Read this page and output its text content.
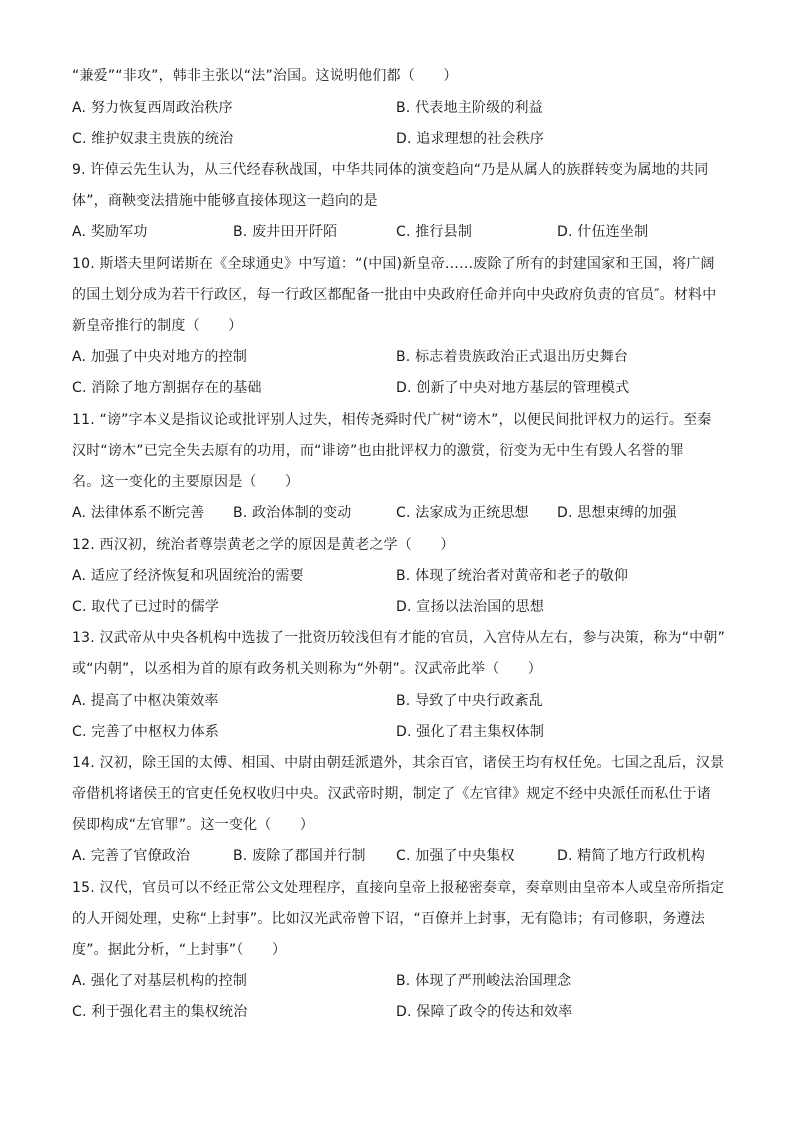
“兼爱”“非攻”，韩非主张以“法”治国。这说明他们都（　　）
A. 努力恢复西周政治秩序	B. 代表地主阶级的利益
C. 维护奴隶主贵族的统治	D. 追求理想的社会秩序
9. 许倬云先生认为，从三代经春秋战国，中华共同体的演变趋向“乃是从属人的族群转变为属地的共同
体”，商鞅变法措施中能够直接体现这一趋向的是
A. 奖励军功	B. 废井田开阡陌	C. 推行县制	D. 什伍连坐制
10. 斯塔夫里阿诺斯在《全球通史》中写道：“(中国)新皇帝……废除了所有的封建国家和王国，将广阔
的国土划分成为若干行政区，每一行政区都配备一批由中央政府任命并向中央政府负责的官员″。材料中
新皇帝推行的制度（　　）
A. 加强了中央对地方的控制	B. 标志着贵族政治正式退出历史舞台
C. 消除了地方割据存在的基础	D. 创新了中央对地方基层的管理模式
11. “谤”字本义是指议论或批评别人过失，相传尧舜时代广树“谤木”，以便民间批评权力的运行。至秦
汉时“谤木”已完全失去原有的功用，而“诽谤”也由批评权力的激赏，衍变为无中生有毁人名誉的罪
名。这一变化的主要原因是（　　）
A. 法律体系不断完善 B. 政治体制的变动	C. 法家成为正统思想 D. 思想束缚的加强
12. 西汉初，统治者尊崇黄老之学的原因是黄老之学（　　）
A. 适应了经济恢复和巩固统治的需要	B. 体现了统治者对黄帝和老子的敬仰
C. 取代了已过时的儒学	D. 宣扬以法治国的思想
13. 汉武帝从中央各机构中选拔了一批资历较浅但有才能的官员，入宫侍从左右，参与决策，称为“中朝”
或“内朝”，以丞相为首的原有政务机关则称为“外朝”。汉武帝此举（　　）
A. 提高了中枢决策效率	B. 导致了中央行政紊乱
C. 完善了中枢权力体系	D. 强化了君主集权体制
14. 汉初，除王国的太傅、相国、中尉由朝廷派遣外，其余百官，诸侯王均有权任免。七国之乱后，汉景
帝借机将诸侯王的官吏任免权收归中央。汉武帝时期，制定了《左官律》规定不经中央派任而私仕于诸
侯即构成“左官罪”。这一变化（　　）
A. 完善了官僚政治	B. 废除了郡国并行制 C. 加强了中央集权	D. 精简了地方行政机构
15. 汉代，官员可以不经正常公文处理程序，直接向皇帝上报秘密奏章，奏章则由皇帝本人或皇帝所指定
的人开阅处理，史称“上封事”。比如汉光武帝曾下诏，“百僚并上封事，无有隐讳；有司修职，务遵法
度”。据此分析，“上封事”（　　）
A. 强化了对基层机构的控制	B. 体现了严刑峻法治国理念
C. 利于强化君主的集权统治	D. 保障了政令的传达和效率
